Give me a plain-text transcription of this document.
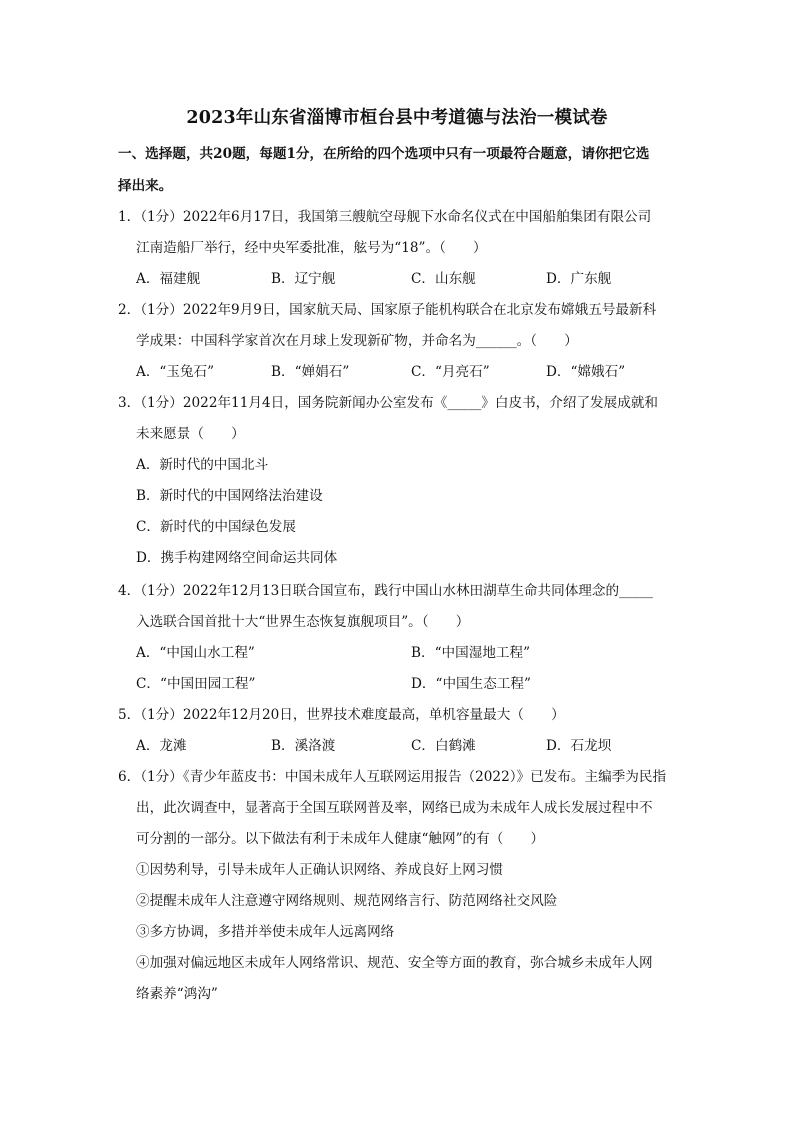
2023年山东省淄博市桓台县中考道德与法治一模试卷
一、选择题，共20题，每题1分，在所给的四个选项中只有一项最符合题意，请你把它选
择出来。
1．（1分）2022年6月17日，我国第三艘航空母舰下水命名仪式在中国船舶集团有限公司
江南造船厂举行，经中央军委批准，舷号为“18”。（　　）
A．福建舰	B．辽宁舰	C．山东舰	D．广东舰
2．（1分）2022年9月9日，国家航天局、国家原子能机构联合在北京发布嫦娥五号最新科
学成果：中国科学家首次在月球上发现新矿物，并命名为______。（　　）
A．“玉兔石”	B．“婵娟石”	C．“月亮石”	D．“嫦娥石”
3．（1分）2022年11月4日，国务院新闻办公室发布《_____》白皮书，介绍了发展成就和
未来愿景（　　）
A．新时代的中国北斗
B．新时代的中国网络法治建设
C．新时代的中国绿色发展
D．携手构建网络空间命运共同体
4．（1分）2022年12月13日联合国宣布，践行中国山水林田湖草生命共同体理念的_____
入选联合国首批十大“世界生态恢复旗舰项目”。（　　）
A．“中国山水工程”	B．“中国湿地工程”
C．“中国田园工程”	D．“中国生态工程”
5．（1分）2022年12月20日，世界技术难度最高，单机容量最大（　　）
A．龙滩	B．溪洛渡	C．白鹤滩	D．石龙坝
6．（1分）《青少年蓝皮书：中国未成年人互联网运用报告（2022）》已发布。主编季为民指
出，此次调查中，显著高于全国互联网普及率，网络已成为未成年人成长发展过程中不
可分割的一部分。以下做法有利于未成年人健康“触网”的有（　　）
①因势利导，引导未成年人正确认识网络、养成良好上网习惯
②提醒未成年人注意遵守网络规则、规范网络言行、防范网络社交风险
③多方协调，多措并举使未成年人远离网络
④加强对偏远地区未成年人网络常识、规范、安全等方面的教育，弥合城乡未成年人网
络素养“鸿沟”
